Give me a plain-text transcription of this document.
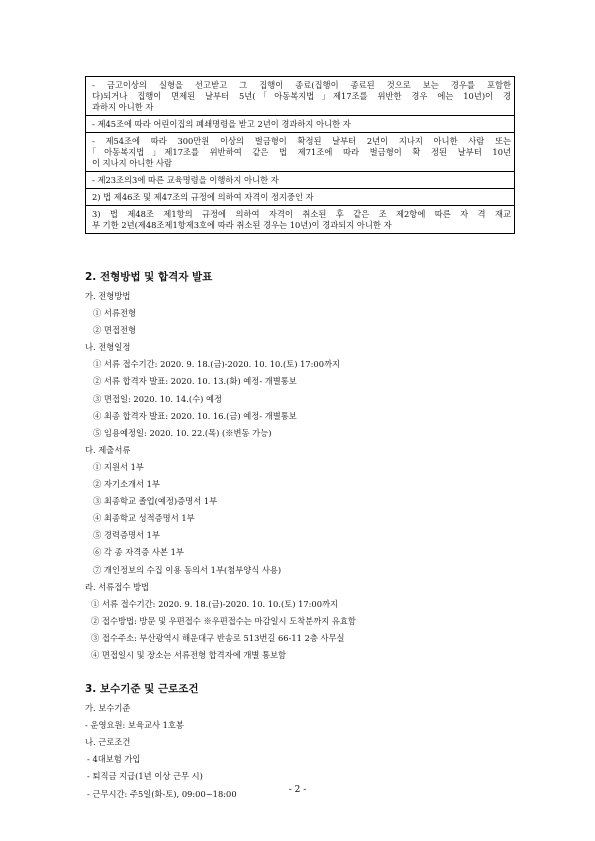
- 금고이상의 실형을 선고받고 그 집행이 종료(집행이 종료된 것으로 보는 경우를 포함한
다)되거나 집행이 면제된 날부터 5년(｢아동복지법｣제17조를 위반한 경우 에는 10년)이 경
과하지 아니한 자
- 제45조에 따라 어린이집의 폐쇄명령을 받고 2년이 경과하지 아니한 자
- 제54조에 따라 300만원 이상의 벌금형이 확정된 날부터 2년이 지나지 아니한 사람 또는
｢아동복지법｣제17조를 위반하여 같은 법 제71조에 따라 벌금형이 확 정된 날부터 10년
이 지나지 아니한 사람
- 제23조의3에 따른 교육명령을 이행하지 아니한 자
2) 법 제46조 및 제47조의 규정에 의하여 자격이 정지중인 자
3) 법 제48조 제1항의 규정에 의하여 자격이 취소된 후 같은 조 제2항에 따른 자 격 재교
부 기한 2년(제48조제1항제3호에 따라 취소된 경우는 10년)이 경과되지 아니한 자
2. 전형방법 및 합격자 발표
가. 전형방법
① 서류전형
② 면접전형
나. 전형일정
① 서류 접수기간: 2020. 9. 18.(금)-2020. 10. 10.(토) 17:00까지
② 서류 합격자 발표: 2020. 10. 13.(화) 예정- 개별통보
③ 면접일: 2020. 10. 14.(수) 예정
④ 최종 합격자 발표: 2020. 10. 16.(금) 예정- 개별통보
⑤ 임용예정일: 2020. 10. 22.(목) (※변동 가능)
다. 제출서류
① 지원서 1부
② 자기소개서 1부
③ 최종학교 졸업(예정)증명서 1부
④ 최종학교 성적증명서 1부
⑤ 경력증명서 1부
⑥ 각 종 자격증 사본 1부
⑦ 개인정보의 수집 이용 동의서 1부(첨부양식 사용)
라. 서류접수 방법
① 서류 접수기간: 2020. 9. 18.(금)-2020. 10. 10.(토) 17:00까지
② 접수방법: 방문 및 우편접수 ※우편접수는 마감일시 도착분까지 유효함
③ 접수주소: 부산광역시 해운대구 반송로 513번길 66-11 2층 사무실
④ 면접일시 및 장소는 서류전형 합격자에 개별 통보함
3. 보수기준 및 근로조건
가. 보수기준
- 운영요원: 보육교사 1호봉
나. 근로조건
- 4대보험 가입
- 퇴직금 지급(1년 이상 근무 시)
- 근무시간: 주5일(화-토), 09:00~18:00	- 2 -
